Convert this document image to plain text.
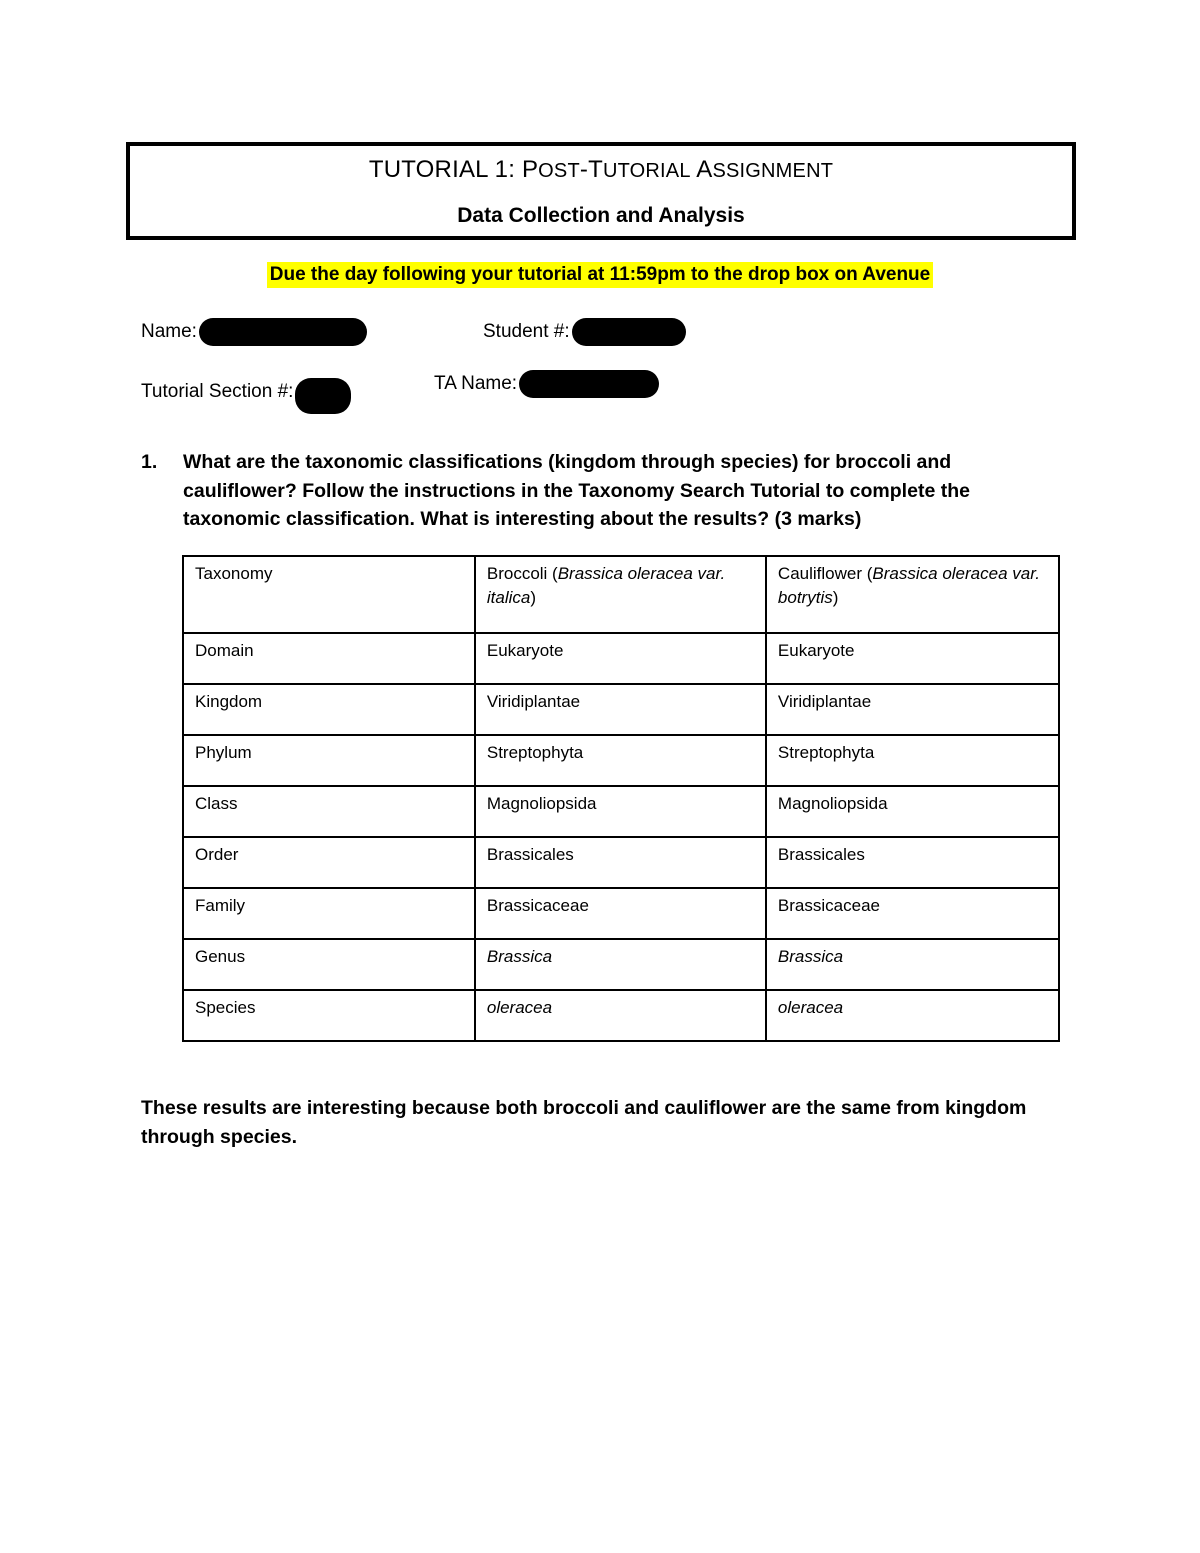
TUTORIAL 1: POST-TUTORIAL ASSIGNMENT
Data Collection and Analysis
Due the day following your tutorial at 11:59pm to the drop box on Avenue
Name:	Student #:
Tutorial Section #:	TA Name:
1.	What are the taxonomic classifications (kingdom through species) for broccoli and cauliflower? Follow the instructions in the Taxonomy Search Tutorial to complete the taxonomic classification. What is interesting about the results? (3 marks)
Taxonomy	Broccoli (Brassica oleracea var. italica)	Cauliflower (Brassica oleracea var. botrytis)
Domain	Eukaryote	Eukaryote
Kingdom	Viridiplantae	Viridiplantae
Phylum	Streptophyta	Streptophyta
Class	Magnoliopsida	Magnoliopsida
Order	Brassicales	Brassicales
Family	Brassicaceae	Brassicaceae
Genus	Brassica	Brassica
Species	oleracea	oleracea
These results are interesting because both broccoli and cauliflower are the same from kingdom through species.
